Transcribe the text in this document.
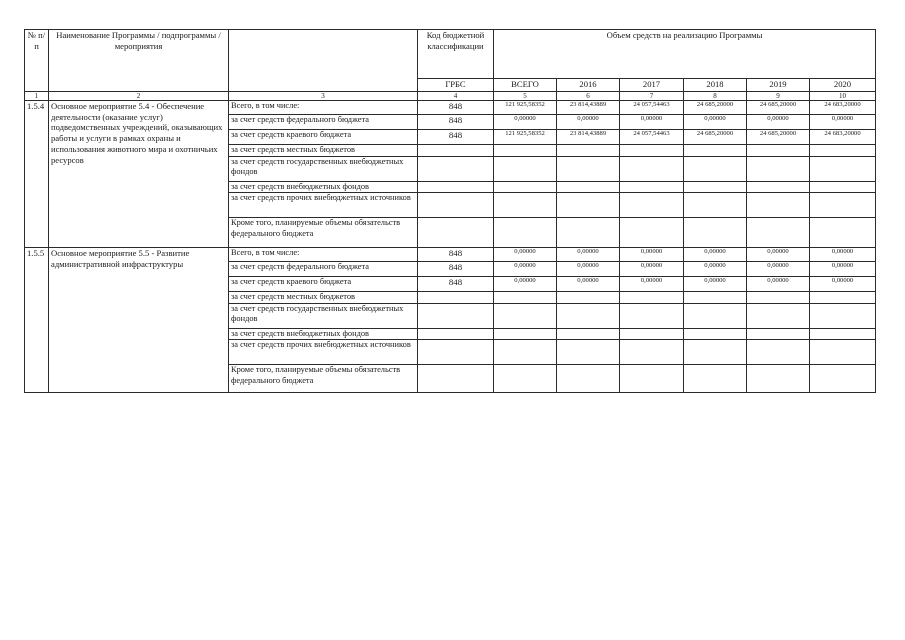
№ п/п	Наименование Программы / подпрограммы / мероприятия		Код бюджетной классификации	Объем средств на реализацию Программы					
			ГРБС	ВСЕГО	2016	2017	2018	2019	2020
1	2	3	4	5	6	7	8	9	10
1.5.4	Основное мероприятие 5.4 - Обеспечение деятельности (оказание услуг) подведомственных учреждений, оказывающих работы и услуги в рамках охраны и использования животного мира и охотничьих ресурсов	Всего, в том числе:	848	121 925,58352	23 814,43889	24 057,54463	24 685,20000	24 685,20000	24 683,20000
		за счет средств федерального бюджета	848	0,00000	0,00000	0,00000	0,00000	0,00000	0,00000
		за счет средств краевого бюджета	848	121 925,58352	23 814,43889	24 057,54463	24 685,20000	24 685,20000	24 683,20000
		за счет средств местных бюджетов							
		за счет средств государственных внебюджетных фондов							
		за счет средств внебюджетных фондов							
		за счет средств прочих внебюджетных источников							
		Кроме того, планируемые объемы обязательств федерального бюджета							
1.5.5	Основное мероприятие 5.5 - Развитие административной инфраструктуры	Всего, в том числе:	848	0,00000	0,00000	0,00000	0,00000	0,00000	0,00000
		за счет средств федерального бюджета	848	0,00000	0,00000	0,00000	0,00000	0,00000	0,00000
		за счет средств краевого бюджета	848	0,00000	0,00000	0,00000	0,00000	0,00000	0,00000
		за счет средств местных бюджетов							
		за счет средств государственных внебюджетных фондов							
		за счет средств внебюджетных фондов							
		за счет средств прочих внебюджетных источников							
		Кроме того, планируемые объемы обязательств федерального бюджета							
